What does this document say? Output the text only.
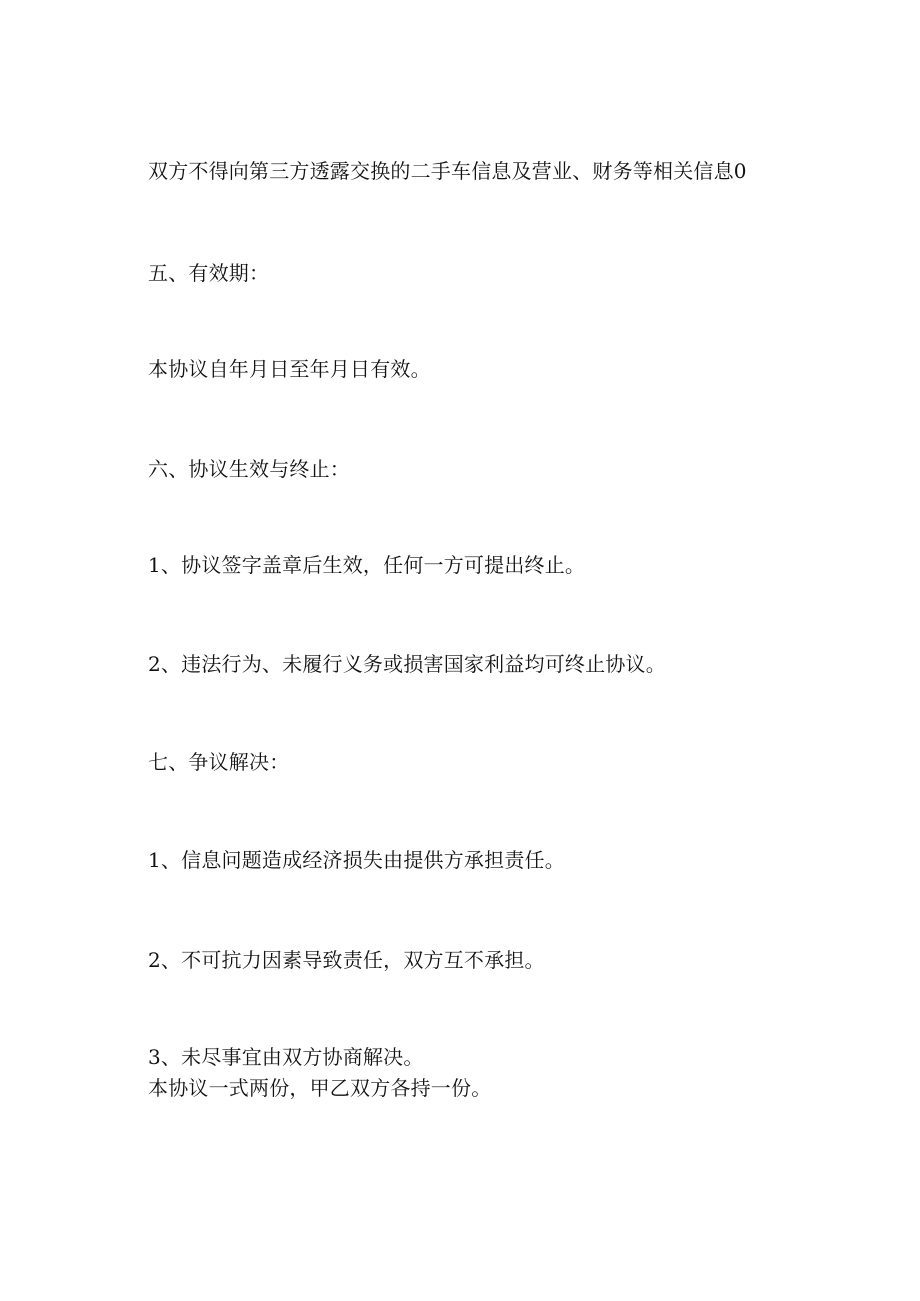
双方不得向第三方透露交换的二手车信息及营业、财务等相关信息0
五、有效期：
本协议自年月日至年月日有效。
六、协议生效与终止：
1、协议签字盖章后生效，任何一方可提出终止。
2、违法行为、未履行义务或损害国家利益均可终止协议。
七、争议解决：
1、信息问题造成经济损失由提供方承担责任。
2、不可抗力因素导致责任，双方互不承担。
3、未尽事宜由双方协商解决。
本协议一式两份，甲乙双方各持一份。
